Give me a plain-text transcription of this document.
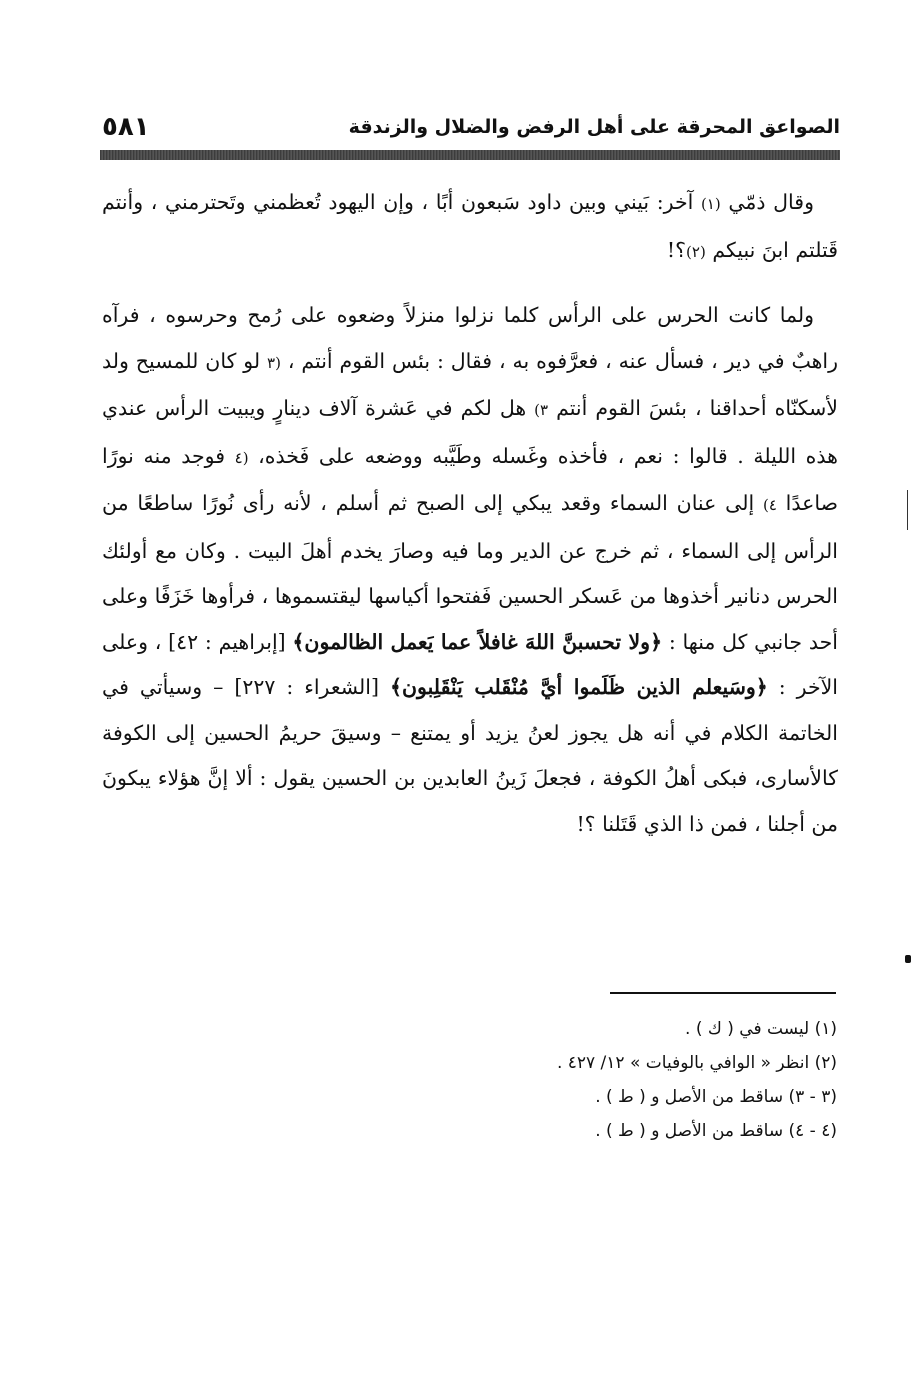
الصواعق المحرقة على أهل الرفض والضلال والزندقة
٥٨١

وقال ذمّي (١) آخر: بَيني وبين داود سَبعون أبًا ، وإن اليهود تُعظمني وتَحترمني ، وأنتم قَتلتم ابنَ نبيكم (٢)؟!

ولما كانت الحرس على الرأس كلما نزلوا منزلاً وضعوه على رُمح وحرسوه ، فرآه راهبٌ في دير ، فسأل عنه ، فعرَّفوه به ، فقال : بئس القوم أنتم ، (٣ لو كان للمسيح ولد لأسكنّاه أحداقنا ، بئسَ القوم أنتم ٣) هل لكم في عَشرة آلاف دينارٍ ويبيت الرأس عندي هذه الليلة . قالوا : نعم ، فأخذه وغَسله وطَيَّبه ووضعه على فَخذه، (٤ فوجد منه نورًا صاعدًا ٤) إلى عنان السماء وقعد يبكي إلى الصبح ثم أسلم ، لأنه رأى نُورًا ساطعًا من الرأس إلى السماء ، ثم خرج عن الدير وما فيه وصارَ يخدم أهلَ البيت . وكان مع أولئك الحرس دنانير أخذوها من عَسكر الحسين فَفتحوا أكياسها ليقتسموها ، فرأوها خَزَفًا وعلى أحد جانبي كل منها : ﴿ولا تحسبنَّ اللهَ غافلاً عما يَعمل الظالمون﴾ [إبراهيم : ٤٢] ، وعلى الآخر : ﴿وسَيعلم الذين ظَلَموا أيَّ مُنْقَلب يَنْقَلِبون﴾ [الشعراء : ٢٢٧] – وسيأتي في الخاتمة الكلام في أنه هل يجوز لعنُ يزيد أو يمتنع – وسيقَ حريمُ الحسين إلى الكوفة كالأسارى، فبكى أهلُ الكوفة ، فجعلَ زَينُ العابدين بن الحسين يقول : ألا إنَّ هؤلاء يبكونَ من أجلنا ، فمن ذا الذي قَتَلنا ؟!

(١) ليست في ( ك ) .

(٢) انظر « الوافي بالوفيات » ١٢/ ٤٢٧ .

(٣ - ٣) ساقط من الأصل و ( ط ) .

(٤ - ٤) ساقط من الأصل و ( ط ) .
